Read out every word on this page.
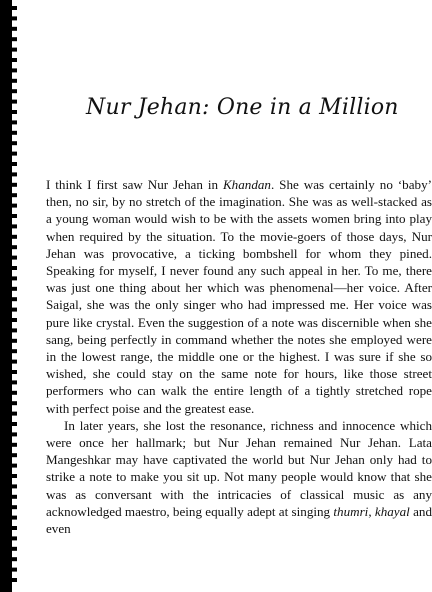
Nur Jehan: One in a Million

I think I first saw Nur Jehan in Khandan. She was certainly no ‘baby’ then, no sir, by no stretch of the imagination. She was as well-stacked as a young woman would wish to be with the assets women bring into play when required by the situation. To the movie-goers of those days, Nur Jehan was provocative, a ticking bombshell for whom they pined. Speaking for myself, I never found any such appeal in her. To me, there was just one thing about her which was phenomenal—her voice. After Saigal, she was the only singer who had impressed me. Her voice was pure like crystal. Even the suggestion of a note was discernible when she sang, being perfectly in command whether the notes she employed were in the lowest range, the middle one or the highest. I was sure if she so wished, she could stay on the same note for hours, like those street performers who can walk the entire length of a tightly stretched rope with perfect poise and the greatest ease.

In later years, she lost the resonance, richness and innocence which were once her hallmark; but Nur Jehan remained Nur Jehan. Lata Mangeshkar may have captivated the world but Nur Jehan only had to strike a note to make you sit up. Not many people would know that she was as conversant with the intricacies of classical music as any acknowledged maestro, being equally adept at singing thumri, khayal and even
